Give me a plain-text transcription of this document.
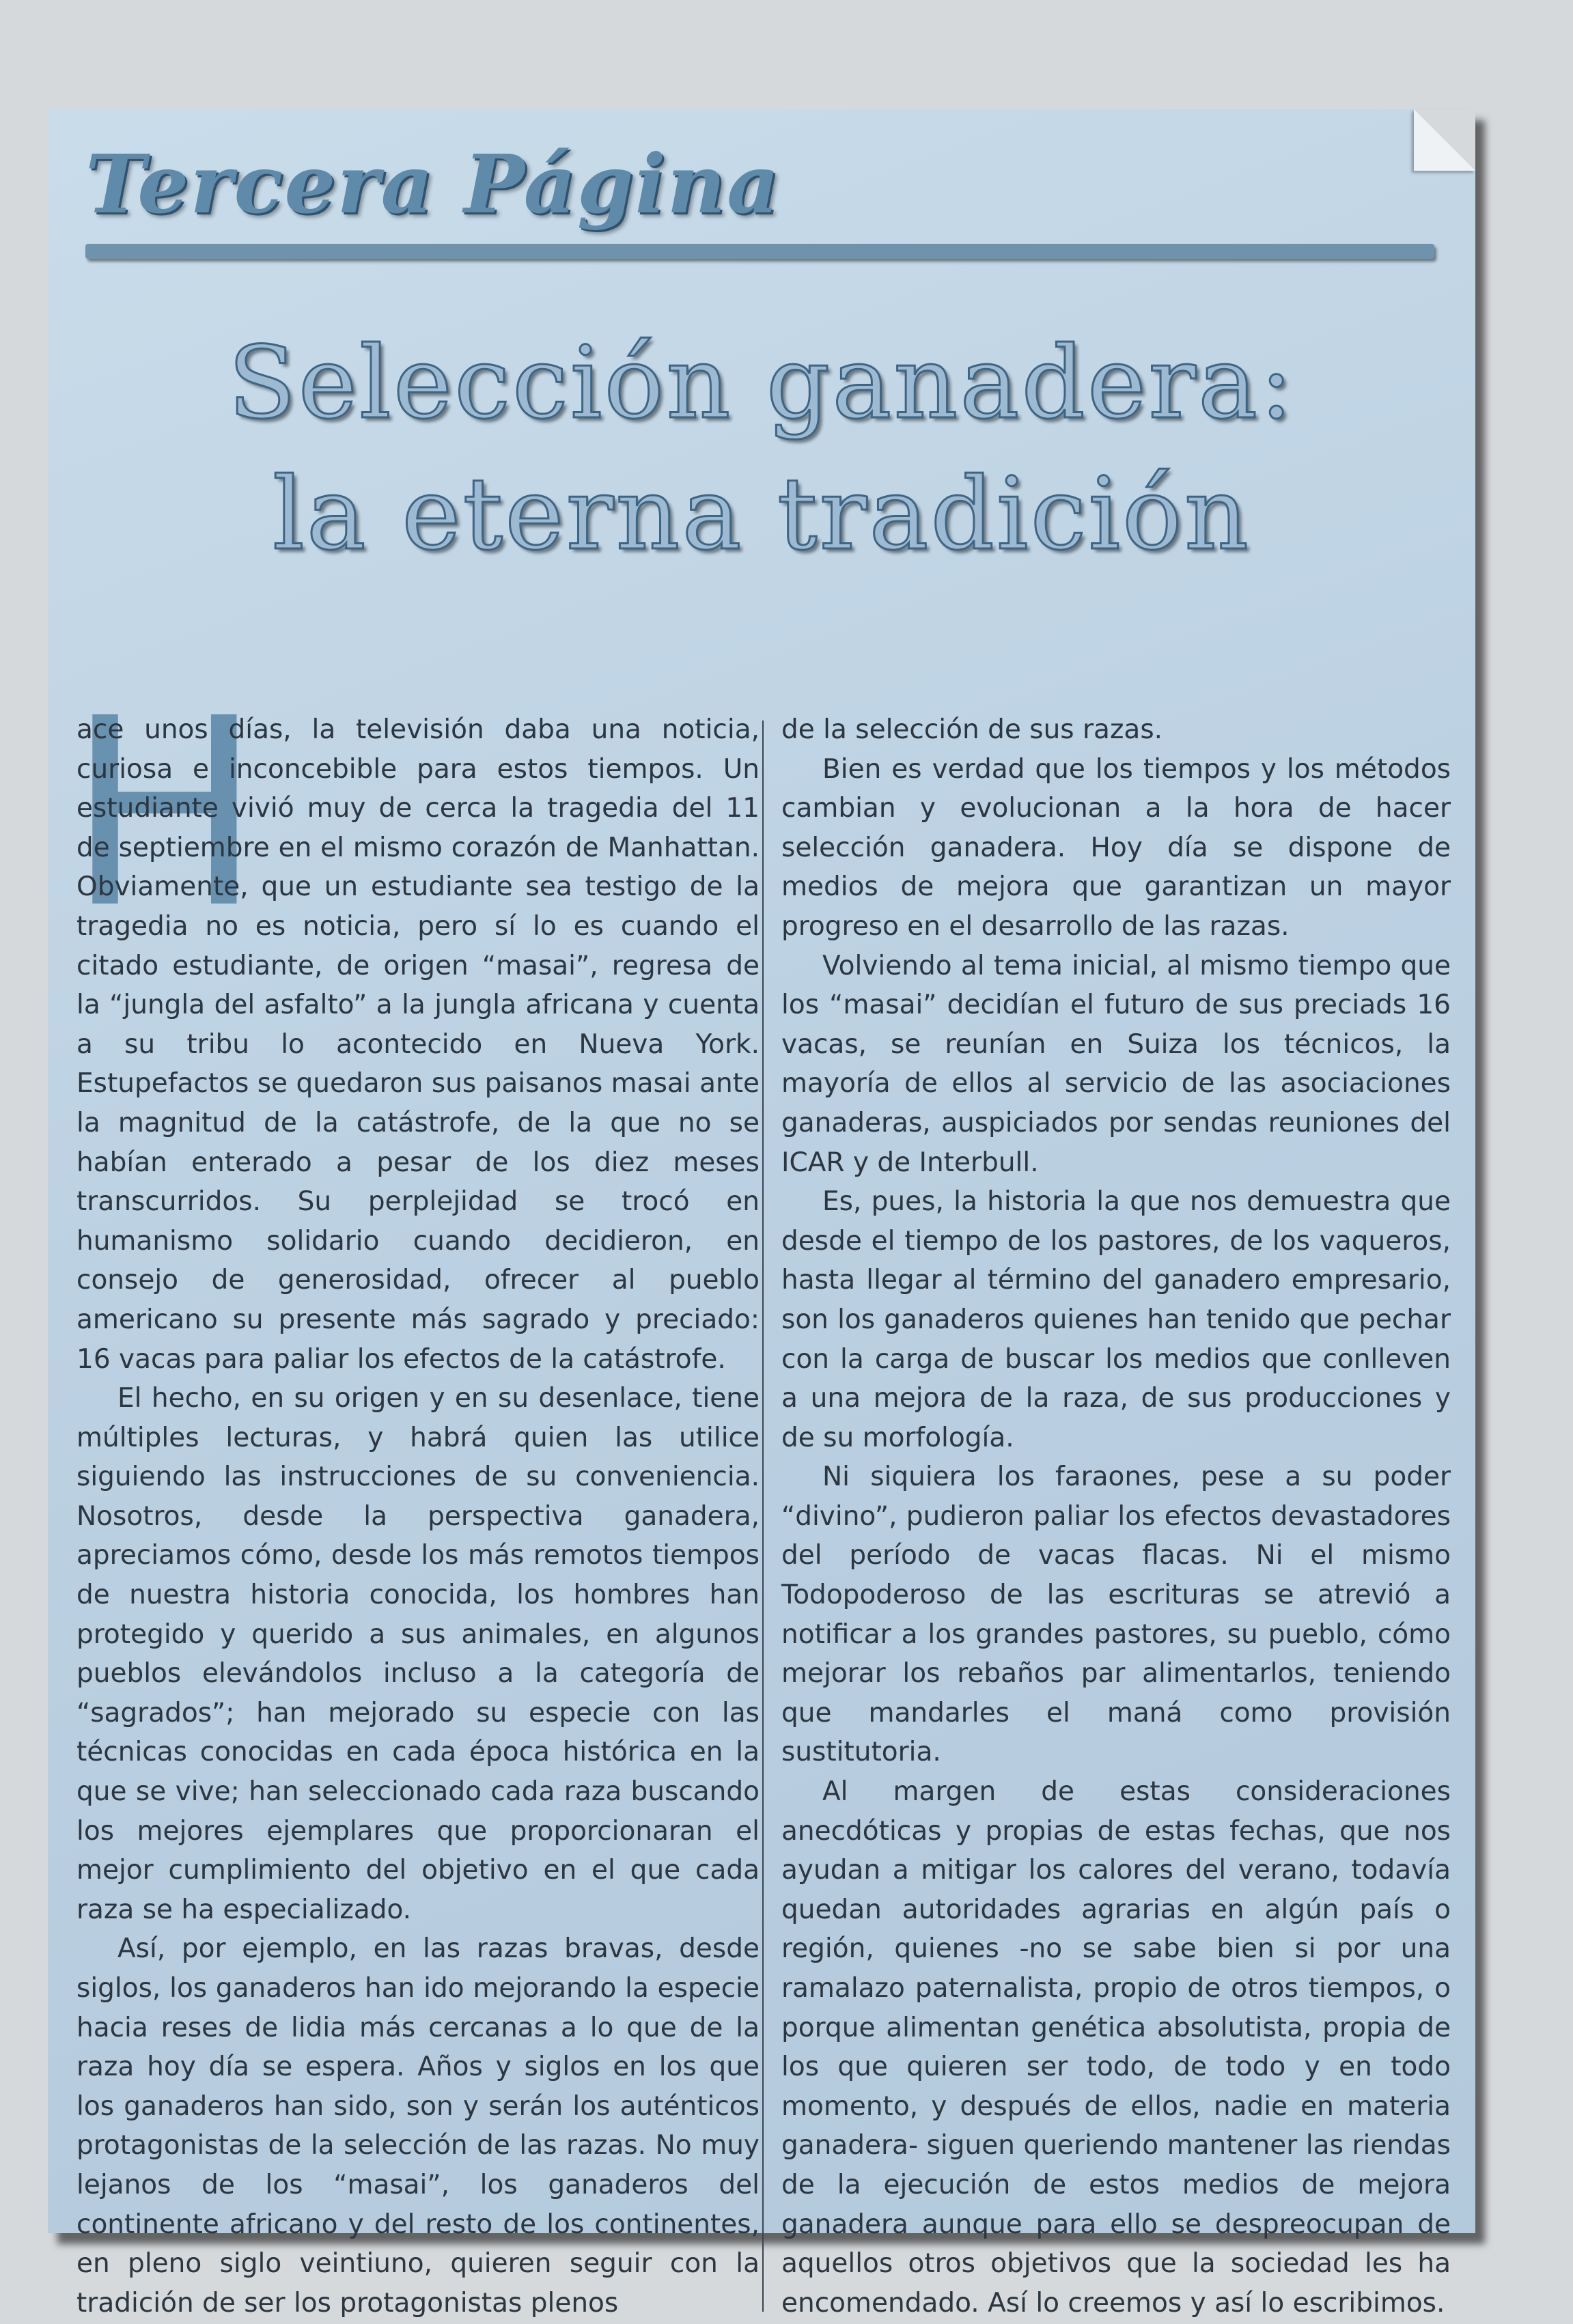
Tercera Página
Selección ganadera:
la eterna tradición
H

ace unos días, la televisión daba una noticia, curiosa e inconcebible para estos tiempos. Un estudiante vivió muy de cerca la tragedia del 11 de septiembre en el mismo corazón de Manhattan. Obviamente, que un estudiante sea testigo de la tragedia no es noticia, pero sí lo es cuando el citado estudiante, de origen “masai”, regresa de la “jungla del asfalto” a la jungla africana y cuenta a su tribu lo acontecido en Nueva York. Estupefactos se quedaron sus paisanos masai ante la magnitud de la catástrofe, de la que no se habían enterado a pesar de los diez meses transcurridos. Su perplejidad se trocó en humanismo solidario cuando decidieron, en consejo de generosidad, ofrecer al pueblo americano su presente más sagrado y preciado: 16 vacas para paliar los efectos de la catástrofe.

El hecho, en su origen y en su desenlace, tiene múltiples lecturas, y habrá quien las utilice siguiendo las instrucciones de su conveniencia. Nosotros, desde la perspectiva ganadera, apreciamos cómo, desde los más remotos tiempos de nuestra historia conocida, los hombres han protegido y querido a sus animales, en algunos pueblos elevándolos incluso a la categoría de “sagrados”; han mejorado su especie con las técnicas conocidas en cada época histórica en la que se vive; han seleccionado cada raza buscando los mejores ejemplares que proporcionaran el mejor cumplimiento del objetivo en el que cada raza se ha especializado.

Así, por ejemplo, en las razas bravas, desde siglos, los ganaderos han ido mejorando la especie hacia reses de lidia más cercanas a lo que de la raza hoy día se espera. Años y siglos en los que los ganaderos han sido, son y serán los auténticos protagonistas de la selección de las razas. No muy lejanos de los “masai”, los ganaderos del continente africano y del resto de los continentes, en pleno siglo veintiuno, quieren seguir con la tradición de ser los protagonistas plenos

de la selección de sus razas.

Bien es verdad que los tiempos y los métodos cambian y evolucionan a la hora de hacer selección ganadera. Hoy día se dispone de medios de mejora que garantizan un mayor progreso en el desarrollo de las razas.

Volviendo al tema inicial, al mismo tiempo que los “masai” decidían el futuro de sus preciads 16 vacas, se reunían en Suiza los técnicos, la mayoría de ellos al servicio de las asociaciones ganaderas, auspiciados por sendas reuniones del ICAR y de Interbull.

Es, pues, la historia la que nos demuestra que desde el tiempo de los pastores, de los vaqueros, hasta llegar al término del ganadero empresario, son los ganaderos quienes han tenido que pechar con la carga de buscar los medios que conlleven a una mejora de la raza, de sus producciones y de su morfología.

Ni siquiera los faraones, pese a su poder “divino”, pudieron paliar los efectos devastadores del período de vacas flacas. Ni el mismo Todopoderoso de las escrituras se atrevió a notificar a los grandes pastores, su pueblo, cómo mejorar los rebaños par alimentarlos, teniendo que mandarles el maná como provisión sustitutoria.

Al margen de estas consideraciones anecdóticas y propias de estas fechas, que nos ayudan a mitigar los calores del verano, todavía quedan autoridades agrarias en algún país o región, quienes -no se sabe bien si por una ramalazo paternalista, propio de otros tiempos, o porque alimentan genética absolutista, propia de los que quieren ser todo, de todo y en todo momento, y después de ellos, nadie en materia ganadera- siguen queriendo mantener las riendas de la ejecución de estos medios de mejora ganadera aunque para ello se despreocupan de aquellos otros objetivos que la sociedad les ha encomendado. Así lo creemos y así lo escribimos.
